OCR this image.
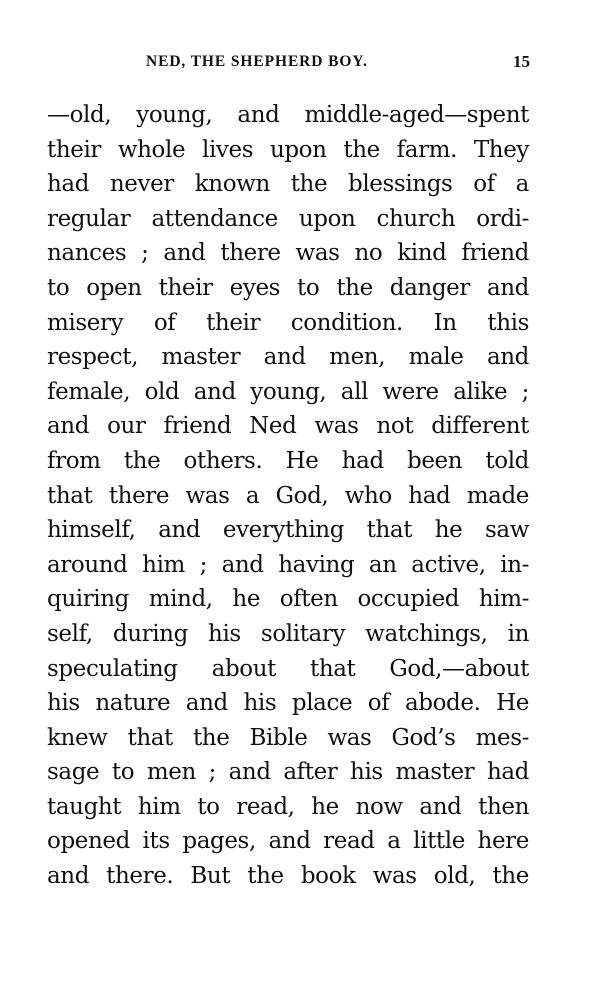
NED, THE SHEPHERD BOY.	15
—old, young, and middle-aged—spent
their whole lives upon the farm. They
had never known the blessings of a
regular attendance upon church ordi-
nances ; and there was no kind friend
to open their eyes to the danger and
misery of their condition. In this
respect, master and men, male and
female, old and young, all were alike ;
and our friend Ned was not different
from the others. He had been told
that there was a God, who had made
himself, and everything that he saw
around him ; and having an active, in-
quiring mind, he often occupied him-
self, during his solitary watchings, in
speculating about that God,—about
his nature and his place of abode. He
knew that the Bible was God’s mes-
sage to men ; and after his master had
taught him to read, he now and then
opened its pages, and read a little here
and there. But the book was old, the
